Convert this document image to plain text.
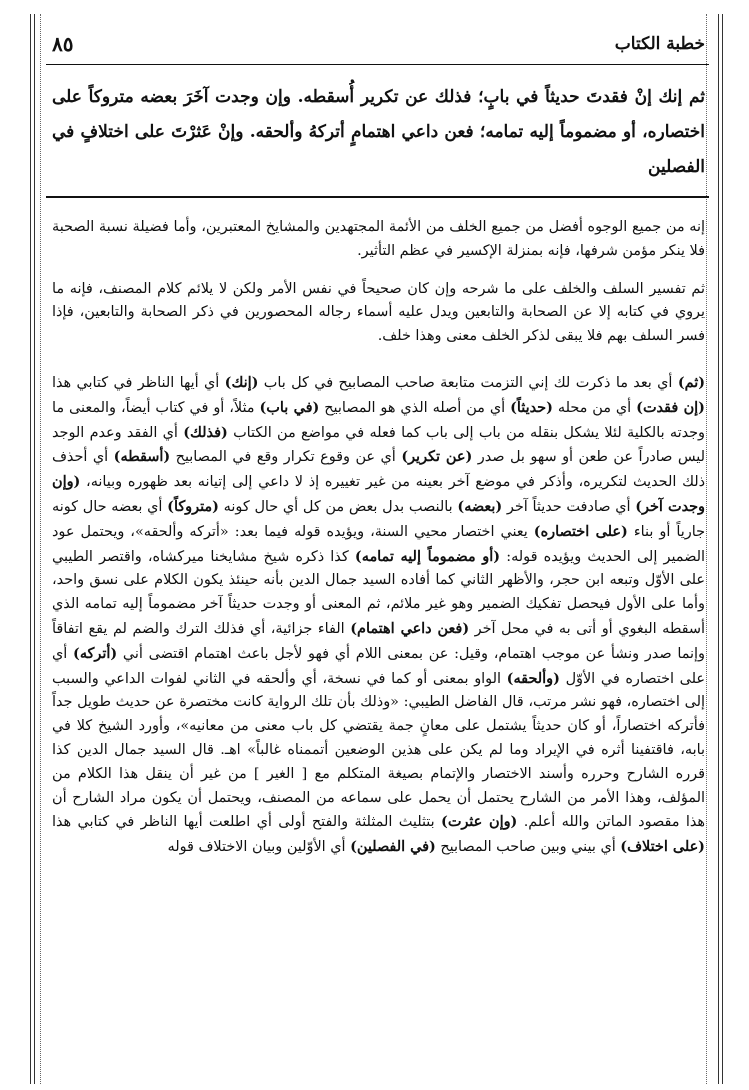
خطبة الكتاب
٨٥
ثم إنك إنْ فقدتَ حديثاً في بابٍ؛ فذلك عن تكرير أُسقطه. وإن وجدت آخَرَ بعضه متروكاً على اختصاره، أو مضموماً إليه تمامه؛ فعن داعي اهتمامٍ أتركهُ وألحقه. وإنْ عَثرْتَ على اختلافٍ في الفصلين

إنه من جميع الوجوه أفضل من جميع الخلف من الأئمة المجتهدين والمشايخ المعتبرين، وأما فضيلة نسبة الصحبة فلا ينكر مؤمن شرفها، فإنه بمنزلة الإكسير في عظم التأثير.

ثم تفسير السلف والخلف على ما شرحه وإن كان صحيحاً في نفس الأمر ولكن لا يلائم كلام المصنف، فإنه ما يروي في كتابه إلا عن الصحابة والتابعين ويدل عليه أسماء رجاله المحصورين في ذكر الصحابة والتابعين، فإذا فسر السلف بهم فلا يبقى لذكر الخلف معنى وهذا خلف.

(ثم) أي بعد ما ذكرت لك إني التزمت متابعة صاحب المصابيح في كل باب (إنك) أي أيها الناظر في كتابي هذا (إن فقدت) أي من محله (حديثاً) أي من أصله الذي هو المصابيح (في باب) مثلاً، أو في كتاب أيضاً، والمعنى ما وجدته بالكلية لئلا يشكل بنقله من باب إلى باب كما فعله في مواضع من الكتاب (فذلك) أي الفقد وعدم الوجد ليس صادراً عن طعن أو سهو بل صدر (عن تكرير) أي عن وقوع تكرار وقع في المصابيح (أسقطه) أي أحذف ذلك الحديث لتكريره، وأذكر في موضع آخر بعينه من غير تغييره إذ لا داعي إلى إتيانه بعد ظهوره وبيانه، (وإن وجدت آخر) أي صادفت حديثاً آخر (بعضه) بالنصب بدل بعض من كل أي حال كونه (متروكاً) أي بعضه حال كونه جارياً أو بناء (على اختصاره) يعني اختصار محيي السنة، ويؤيده قوله فيما بعد: «أتركه وألحقه»، ويحتمل عود الضمير إلى الحديث ويؤيده قوله: (أو مضموماً إليه تمامه) كذا ذكره شيخ مشايخنا ميركشاه، واقتصر الطيبي على الأوّل وتبعه ابن حجر، والأظهر الثاني كما أفاده السيد جمال الدين بأنه حينئذ يكون الكلام على نسق واحد، وأما على الأول فيحصل تفكيك الضمير وهو غير ملائم، ثم المعنى أو وجدت حديثاً آخر مضموماً إليه تمامه الذي أسقطه البغوي أو أتى به في محل آخر (فعن داعي اهتمام) الفاء جزائية، أي فذلك الترك والضم لم يقع اتفاقاً وإنما صدر ونشأ عن موجب اهتمام، وقيل: عن بمعنى اللام أي فهو لأجل باعث اهتمام اقتضى أني (أتركه) أي على اختصاره في الأوّل (وألحقه) الواو بمعنى أو كما في نسخة، أي وألحقه في الثاني لفوات الداعي والسبب إلى اختصاره، فهو نشر مرتب، قال الفاضل الطيبي: «وذلك بأن تلك الرواية كانت مختصرة عن حديث طويل جداً فأتركه اختصاراً، أو كان حديثاً يشتمل على معانٍ جمة يقتضي كل باب معنى من معانيه»، وأورد الشيخ كلا في بابه، فاقتفينا أثره في الإيراد وما لم يكن على هذين الوضعين أتممناه غالباً» اهـ. قال السيد جمال الدين كذا قرره الشارح وحرره وأسند الاختصار والإتمام بصيغة المتكلم مع [ الغير ] من غير أن ينقل هذا الكلام من المؤلف، وهذا الأمر من الشارح يحتمل أن يحمل على سماعه من المصنف، ويحتمل أن يكون مراد الشارح أن هذا مقصود الماتن والله أعلم. (وإن عثرت) بتثليث المثلثة والفتح أولى أي اطلعت أيها الناظر في كتابي هذا (على اختلاف) أي بيني وبين صاحب المصابيح (في الفصلين) أي الأوّلين وبيان الاختلاف قوله
